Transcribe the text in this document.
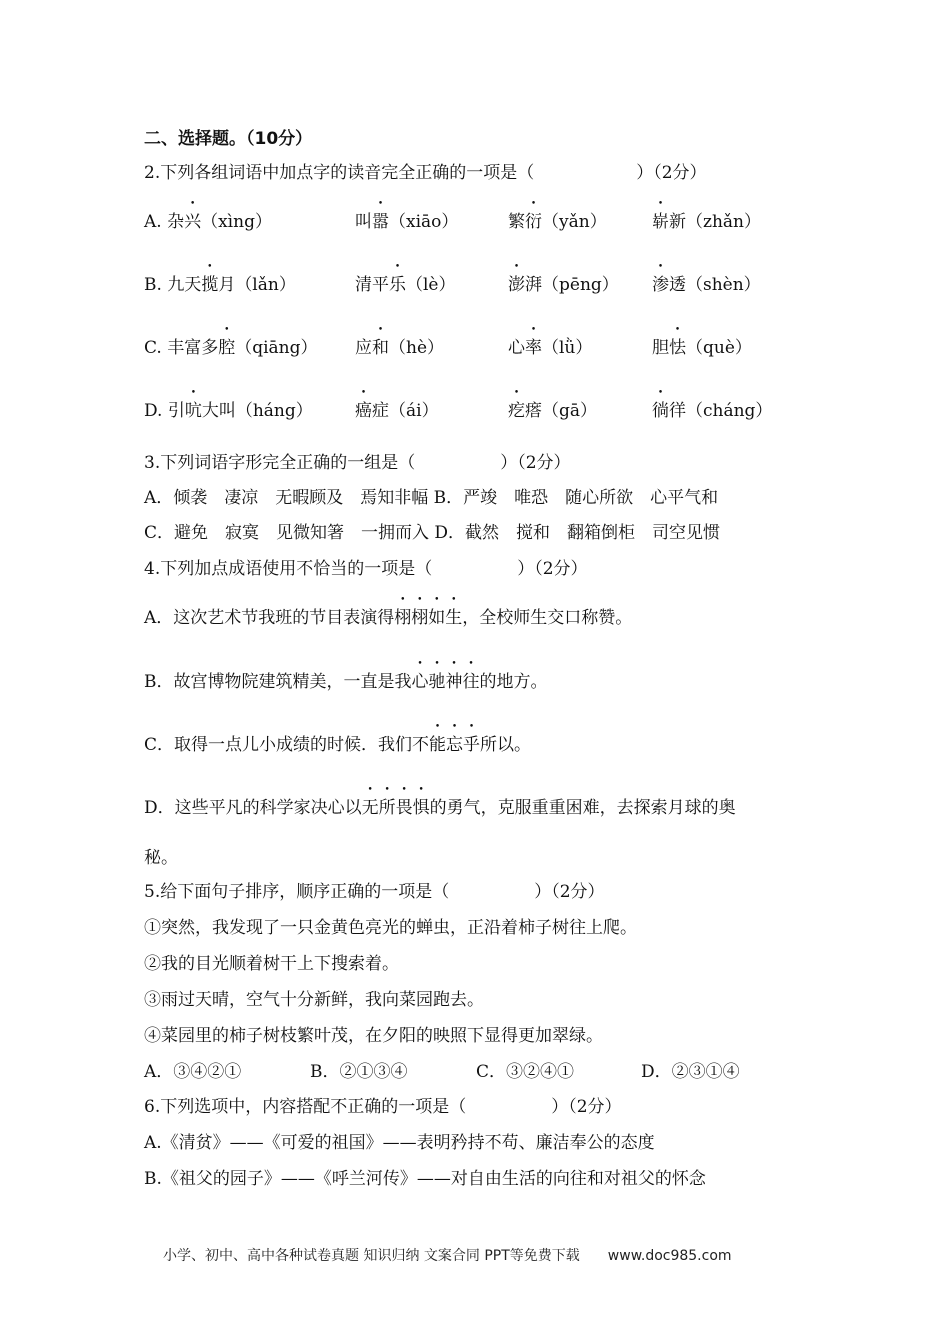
二、选择题。（10分）
2.下列各组词语中加点字的读音完全正确的一项是（　　　　　　）（2分）
A. 杂兴（xìng）	叫嚣（xiāo）	繁衍（yǎn）	崭新（zhǎn）
B. 九天揽月（lǎn）	清平乐（lè）	澎湃（pēng） 渗透（shèn）
C. 丰富多腔（qiāng） 应和（hè）	心率（lǜ）	胆怯（què）
D. 引吭大叫（háng） 癌症（ái）	疙瘩（gā）	徜徉（cháng）
3.下列词语字形完全正确的一组是（　　　　　）（2分）
A．倾袭　凄凉　无暇顾及　焉知非幅 B．严竣　唯恐　随心所欲　心平气和
C．避免　寂寞　见微知箸　一拥而入 D．截然　搅和　翻箱倒柜　司空见惯
4.下列加点成语使用不恰当的一项是（　　　　　）（2分）
A．这次艺术节我班的节目表演得栩栩如生，全校师生交口称赞。
B．故宫博物院建筑精美，一直是我心驰神往的地方。
C．取得一点儿小成绩的时候．我们不能忘乎所以。
D．这些平凡的科学家决心以无所畏惧的勇气，克服重重困难，去探索月球的奥
秘。
5.给下面句子排序，顺序正确的一项是（　　　　　）（2分）
①突然，我发现了一只金黄色亮光的蝉虫，正沿着柿子树往上爬。
②我的目光顺着树干上下搜索着。
③雨过天晴，空气十分新鲜，我向菜园跑去。
④菜园里的柿子树枝繁叶茂，在夕阳的映照下显得更加翠绿。
A．③④②①	B．②①③④	C．③②④①	D．②③①④
6.下列选项中，内容搭配不正确的一项是（　　　　　）（2分）
A.《清贫》——《可爱的祖国》——表明矜持不苟、廉洁奉公的态度
B.《祖父的园子》——《呼兰河传》——对自由生活的向往和对祖父的怀念
小学、初中、高中各种试卷真题 知识归纳 文案合同 PPT等免费下载 www.doc985.com
